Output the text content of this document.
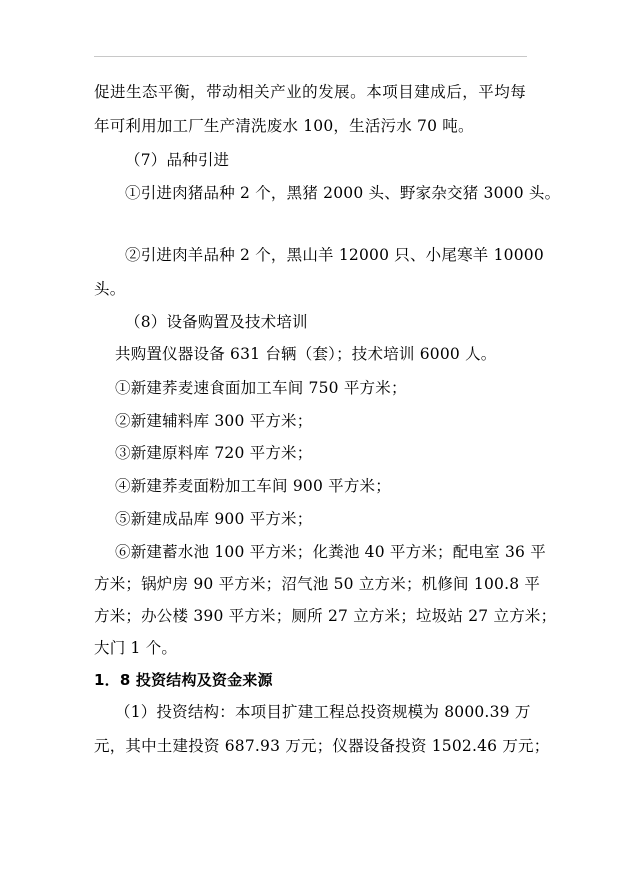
促进生态平衡，带动相关产业的发展。本项目建成后，平均每
年可利用加工厂生产清洗废水 100，生活污水 70 吨。
（7）品种引进
①引进肉猪品种 2 个，黑猪 2000 头、野家杂交猪 3000 头。
②引进肉羊品种 2 个，黑山羊 12000 只、小尾寒羊 10000
头。
（8）设备购置及技术培训
共购置仪器设备 631 台辆（套）；技术培训 6000 人。
①新建荞麦速食面加工车间 750 平方米；
②新建辅料库 300 平方米；
③新建原料库 720 平方米；
④新建荞麦面粉加工车间 900 平方米；
⑤新建成品库 900 平方米；
⑥新建蓄水池 100 平方米；化粪池 40 平方米；配电室 36 平
方米；锅炉房 90 平方米；沼气池 50 立方米；机修间 100.8 平
方米；办公楼 390 平方米；厕所 27 立方米；垃圾站 27 立方米；
大门 1 个。
1．8 投资结构及资金来源
（1）投资结构：本项目扩建工程总投资规模为 8000.39 万
元，其中土建投资 687.93 万元；仪器设备投资 1502.46 万元；
